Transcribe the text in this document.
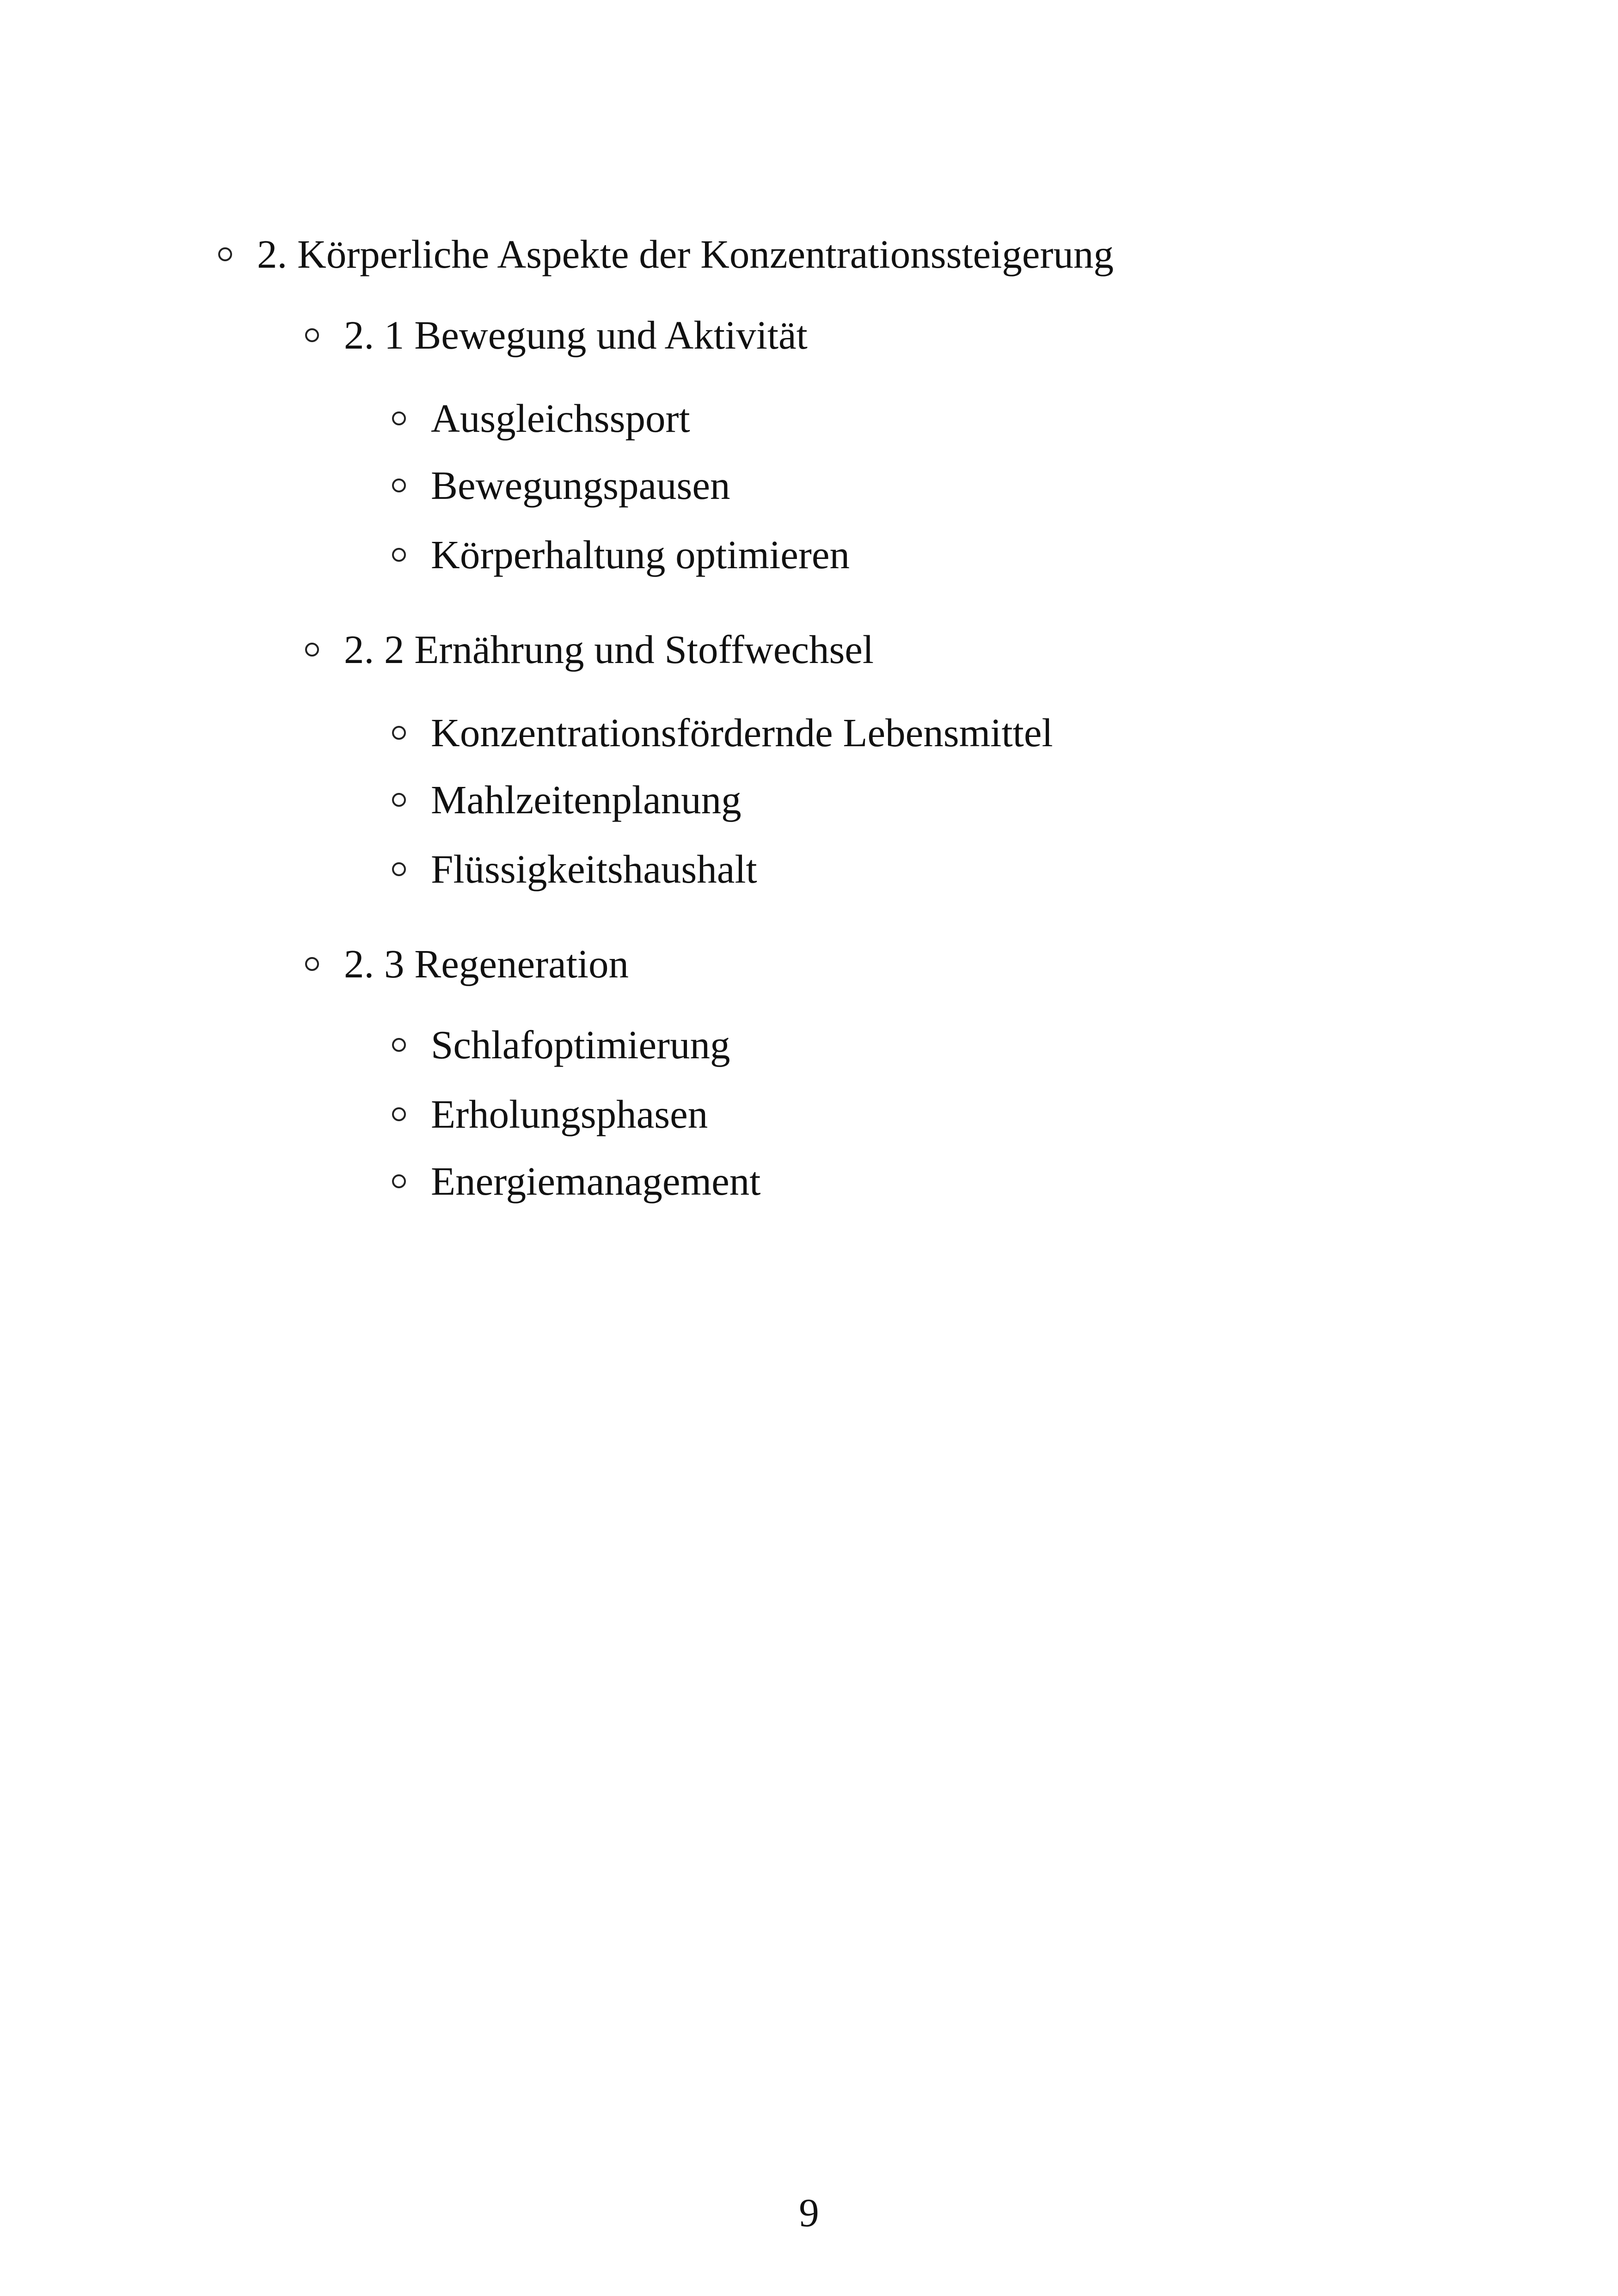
2. Körperliche Aspekte der Konzentrationssteigerung
2. 1 Bewegung und Aktivität
Ausgleichssport
Bewegungspausen
Körperhaltung optimieren
2. 2 Ernährung und Stoffwechsel
Konzentrationsfördernde Lebensmittel
Mahlzeitenplanung
Flüssigkeitshaushalt
2. 3 Regeneration
Schlafoptimierung
Erholungsphasen
Energiemanagement
9
